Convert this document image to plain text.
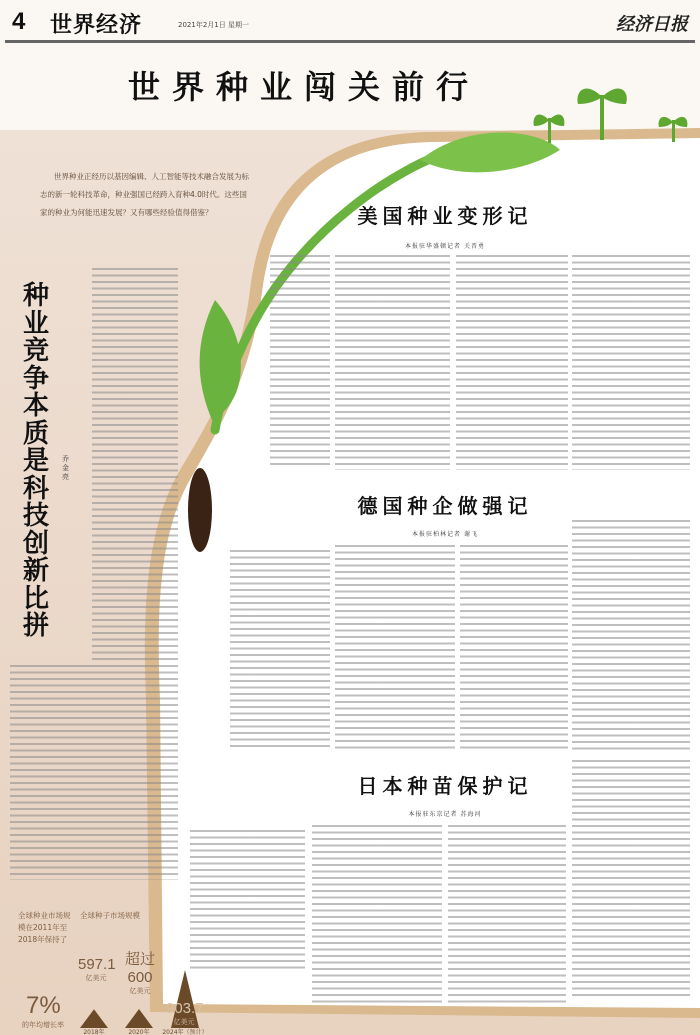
4 世界经济	2021年2月1日 星期一	经济日报
世界种业闯关前行
世界种业正经历以基因编辑、人工智能等技术融合发展为标志的新一轮科技革命，种业强国已经跨入育种4.0时代。这些国家的种业为何能迅速发展？又有哪些经验值得借鉴？
种业竞争本质是科技创新比拼
乔金亮
美国种业变形记
本报驻华盛顿记者 关晋勇
德国种企做强记
本报驻柏林记者 谢飞
日本种苗保护记
本报驻东京记者 苏海河
2018年	2020年 2024年（预计）
全球种业市场规模在2011年至2018年保持了
7%
的年均增长率
全球种子市场规模
597.1
亿美元
超过600
亿美元
903.7
亿美元
